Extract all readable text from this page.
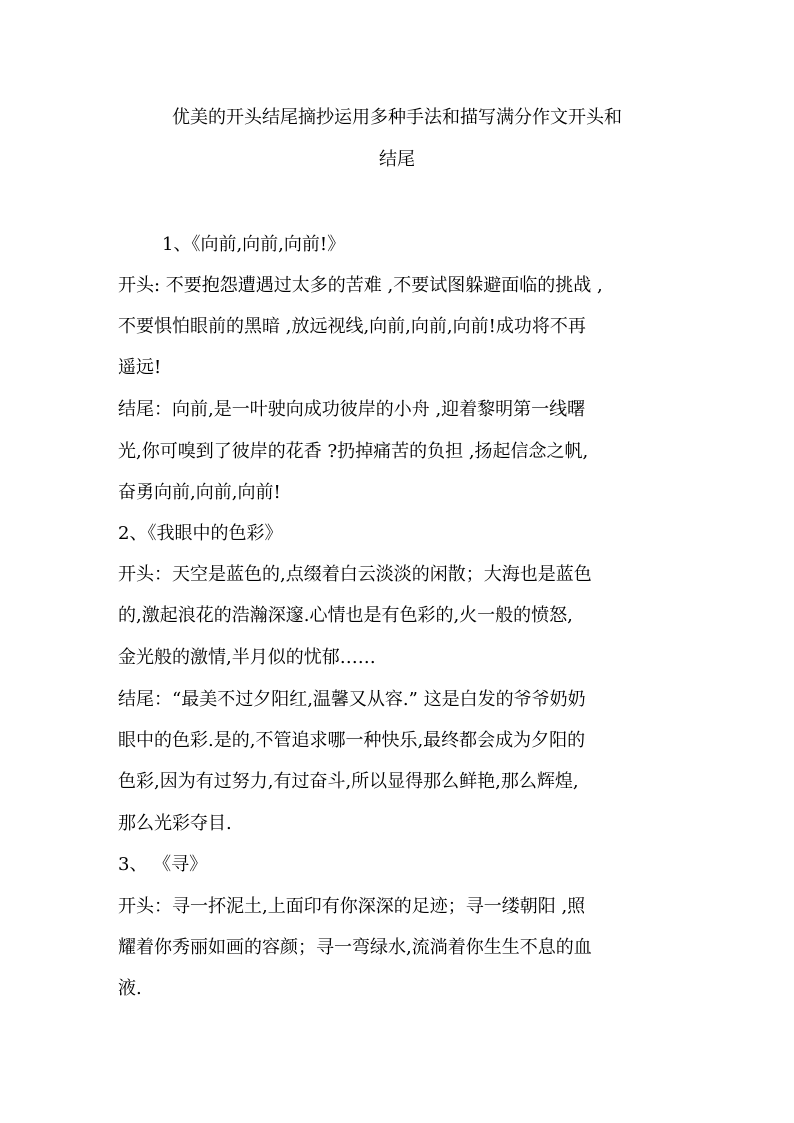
优美的开头结尾摘抄运用多种手法和描写满分作文开头和
结尾
1、《向前,向前,向前!》
开头: 不要抱怨遭遇过太多的苦难 ,不要试图躲避面临的挑战 ,
不要惧怕眼前的黑暗 ,放远视线,向前,向前,向前!成功将不再
遥远!
结尾：向前,是一叶驶向成功彼岸的小舟 ,迎着黎明第一线曙
光,你可嗅到了彼岸的花香 ?扔掉痛苦的负担 ,扬起信念之帆,
奋勇向前,向前,向前!
2、《我眼中的色彩》
开头：天空是蓝色的,点缀着白云淡淡的闲散；大海也是蓝色
的,激起浪花的浩瀚深邃.心情也是有色彩的,火一般的愤怒,
金光般的激情,半月似的忧郁……
结尾：“最美不过夕阳红,温馨又从容.” 这是白发的爷爷奶奶
眼中的色彩.是的,不管追求哪一种快乐,最终都会成为夕阳的
色彩,因为有过努力,有过奋斗,所以显得那么鲜艳,那么辉煌,
那么光彩夺目.
3、 《寻》
开头：寻一抔泥土,上面印有你深深的足迹；寻一缕朝阳 ,照
耀着你秀丽如画的容颜；寻一弯绿水,流淌着你生生不息的血
液.
